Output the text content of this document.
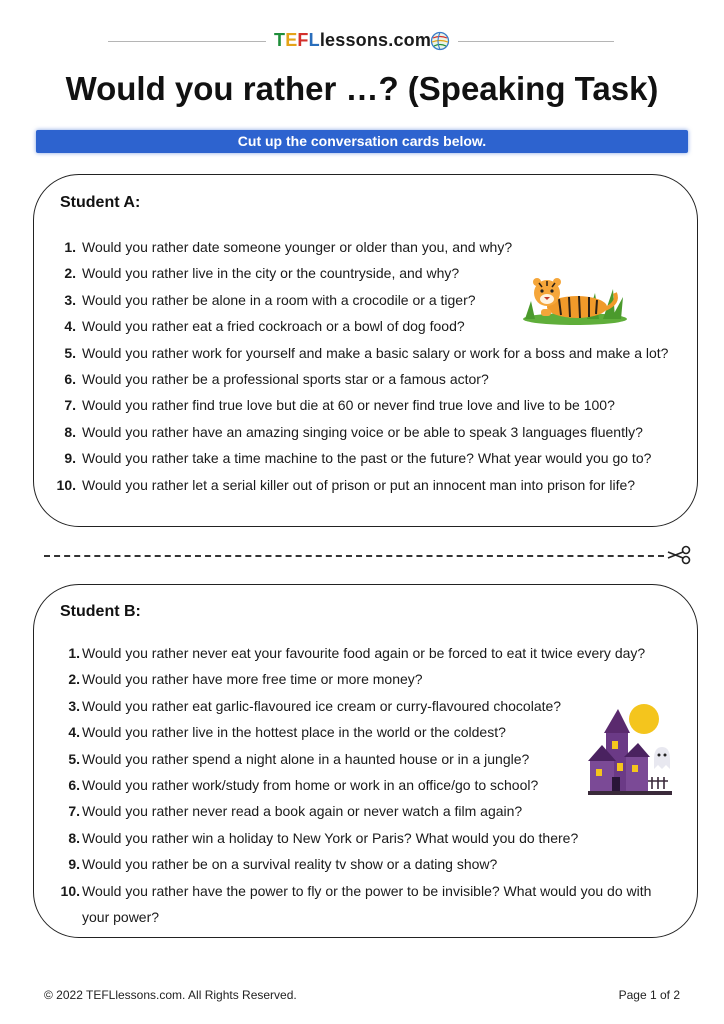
TEFLlessons.com
Would you rather …? (Speaking Task)
Cut up the conversation cards below.
Student A:
1. Would you rather date someone younger or older than you, and why?
2. Would you rather live in the city or the countryside, and why?
3. Would you rather be alone in a room with a crocodile or a tiger?
4. Would you rather eat a fried cockroach or a bowl of dog food?
5. Would you rather work for yourself and make a basic salary or work for a boss and make a lot?
6. Would you rather be a professional sports star or a famous actor?
7. Would you rather find true love but die at 60 or never find true love and live to be 100?
8. Would you rather have an amazing singing voice or be able to speak 3 languages fluently?
9. Would you rather take a time machine to the past or the future? What year would you go to?
10. Would you rather let a serial killer out of prison or put an innocent man into prison for life?
Student B:
1. Would you rather never eat your favourite food again or be forced to eat it twice every day?
2. Would you rather have more free time or more money?
3. Would you rather eat garlic-flavoured ice cream or curry-flavoured chocolate?
4. Would you rather live in the hottest place in the world or the coldest?
5. Would you rather spend a night alone in a haunted house or in a jungle?
6. Would you rather work/study from home or work in an office/go to school?
7. Would you rather never read a book again or never watch a film again?
8. Would you rather win a holiday to New York or Paris? What would you do there?
9. Would you rather be on a survival reality tv show or a dating show?
10. Would you rather have the power to fly or the power to be invisible? What would you do with your power?
© 2022 TEFLlessons.com. All Rights Reserved.	Page 1 of 2
